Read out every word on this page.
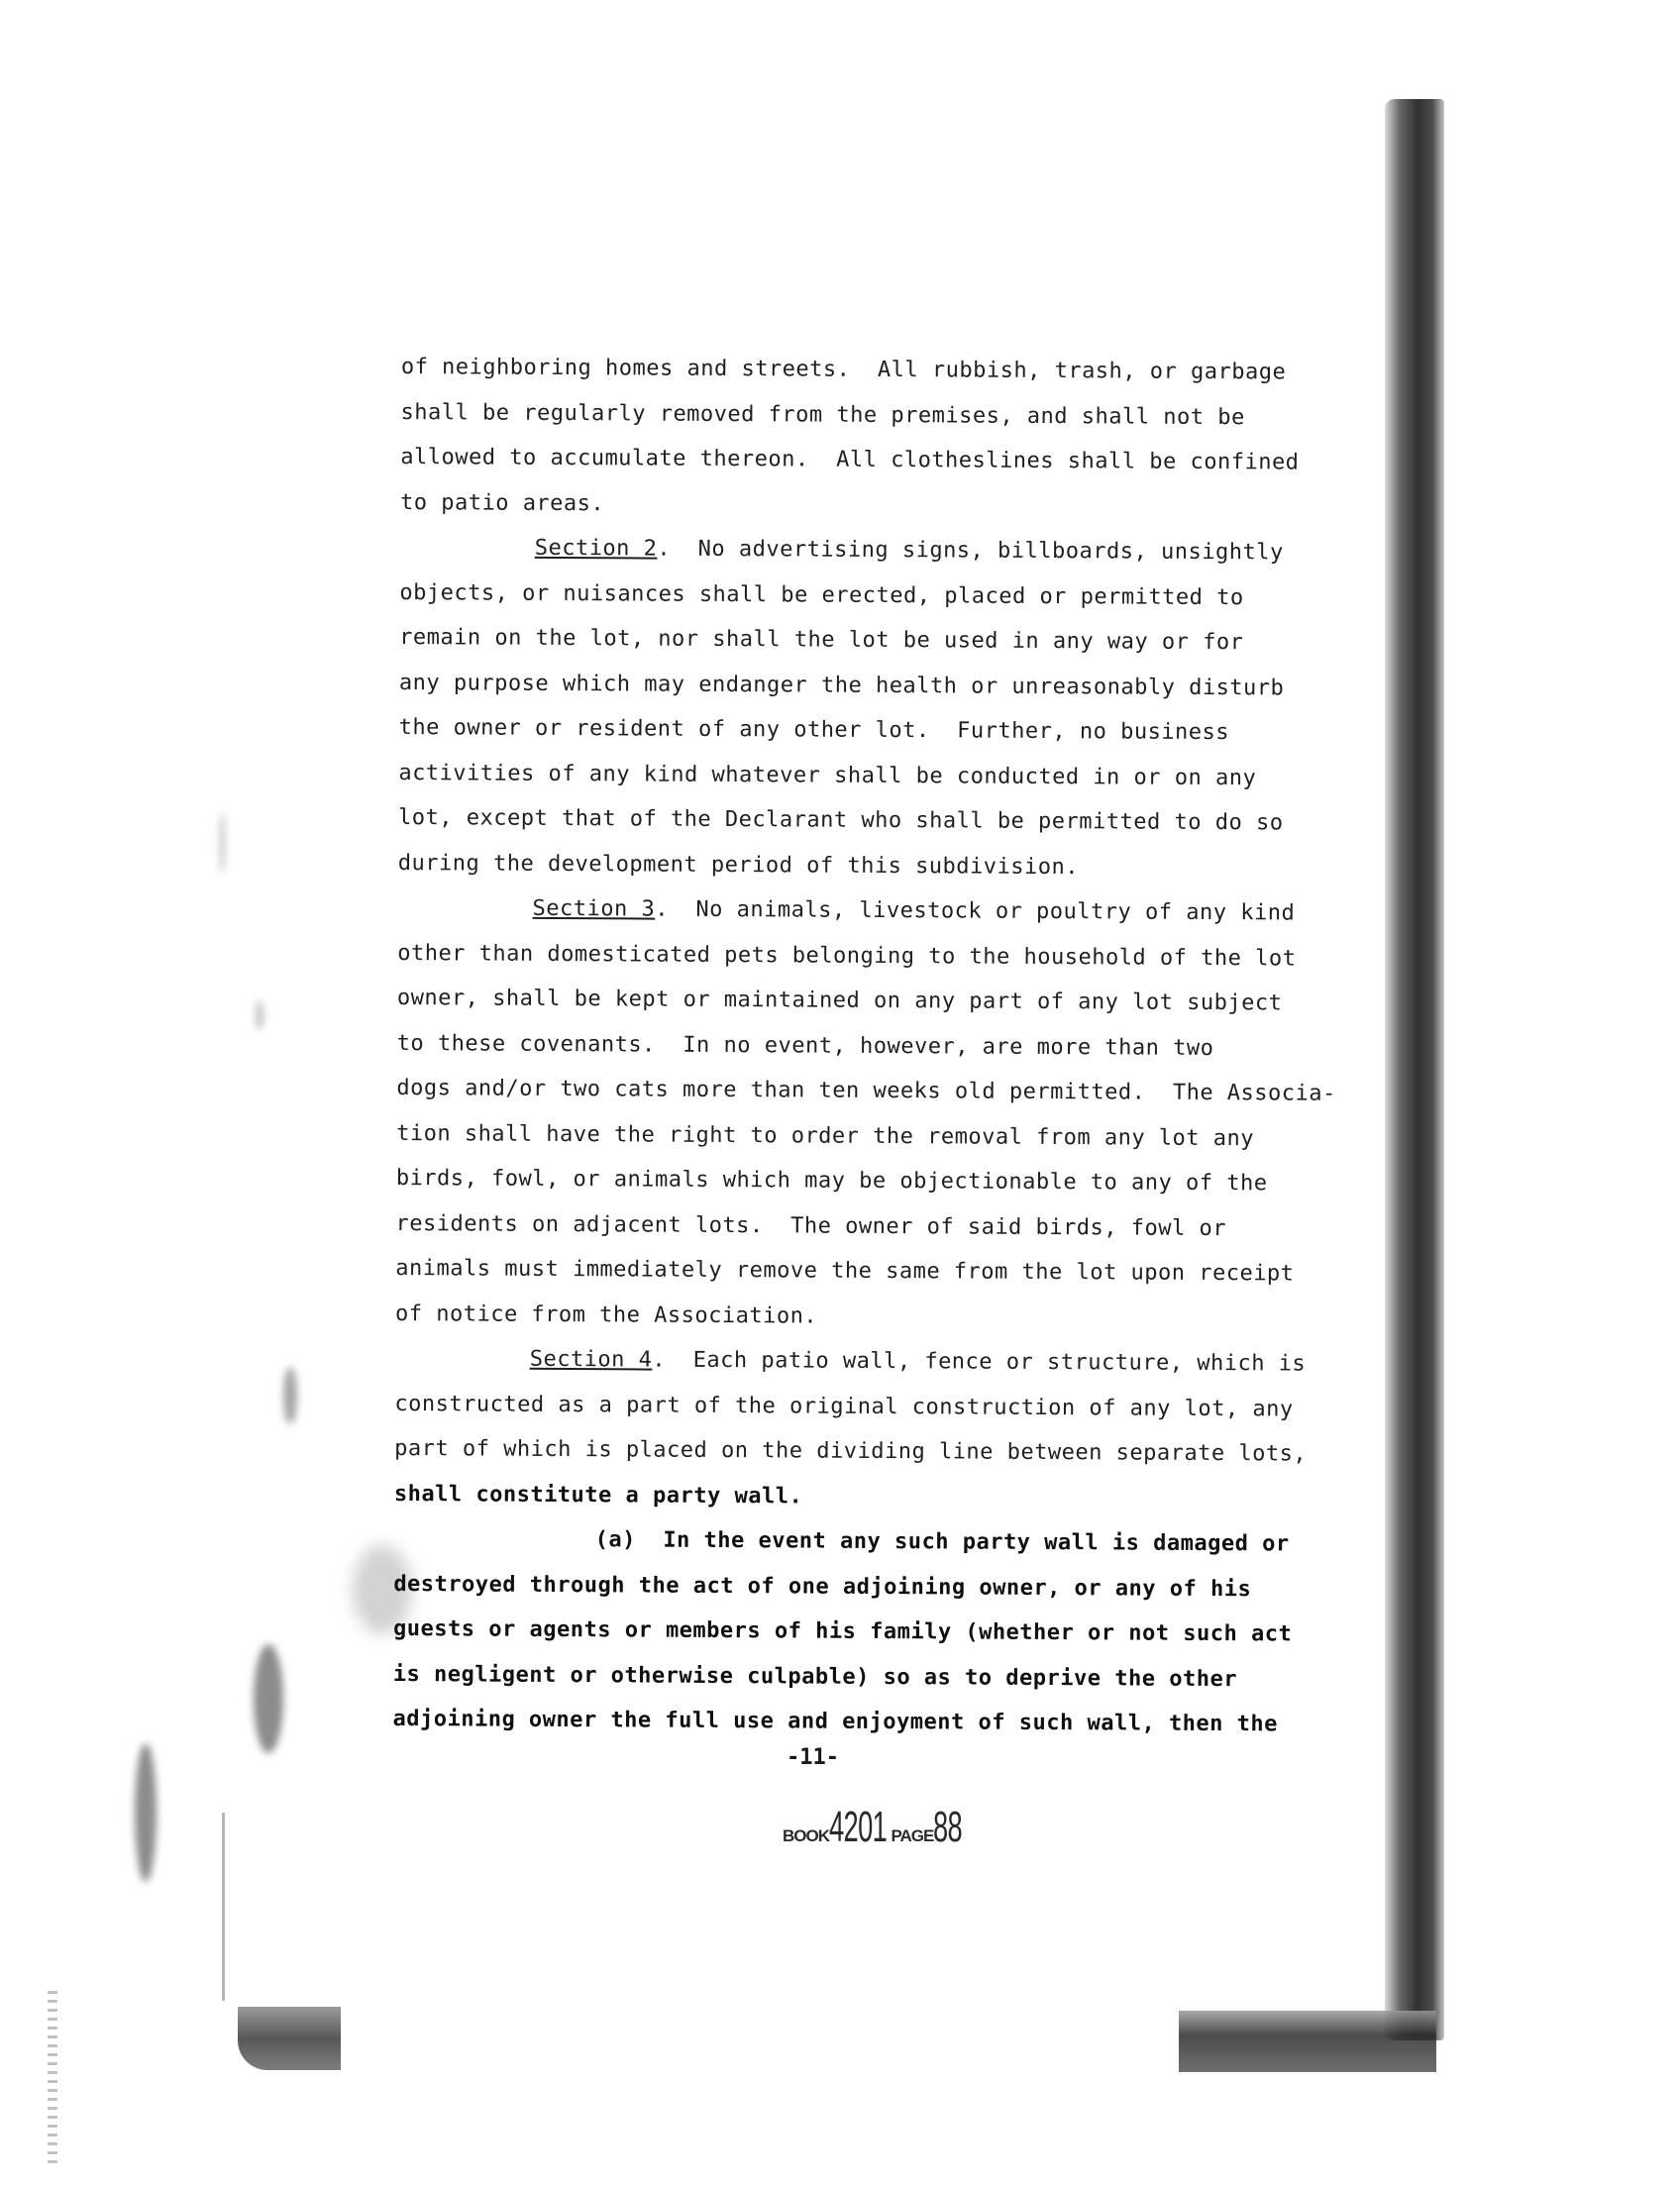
of neighboring homes and streets.  All rubbish, trash, or garbage
shall be regularly removed from the premises, and shall not be
allowed to accumulate thereon.  All clotheslines shall be confined
to patio areas.
Section 2.  No advertising signs, billboards, unsightly
objects, or nuisances shall be erected, placed or permitted to
remain on the lot, nor shall the lot be used in any way or for
any purpose which may endanger the health or unreasonably disturb
the owner or resident of any other lot.  Further, no business
activities of any kind whatever shall be conducted in or on any
lot, except that of the Declarant who shall be permitted to do so
during the development period of this subdivision.
Section 3.  No animals, livestock or poultry of any kind
other than domesticated pets belonging to the household of the lot
owner, shall be kept or maintained on any part of any lot subject
to these covenants.  In no event, however, are more than two
dogs and/or two cats more than ten weeks old permitted.  The Associa-
tion shall have the right to order the removal from any lot any
birds, fowl, or animals which may be objectionable to any of the
residents on adjacent lots.  The owner of said birds, fowl or
animals must immediately remove the same from the lot upon receipt
of notice from the Association.
Section 4.  Each patio wall, fence or structure, which is
constructed as a part of the original construction of any lot, any
part of which is placed on the dividing line between separate lots,
shall constitute a party wall.
(a)  In the event any such party wall is damaged or
destroyed through the act of one adjoining owner, or any of his
guests or agents or members of his family (whether or not such act
is negligent or otherwise culpable) so as to deprive the other
adjoining owner the full use and enjoyment of such wall, then the
-11-
BOOK4201 PAGE88
